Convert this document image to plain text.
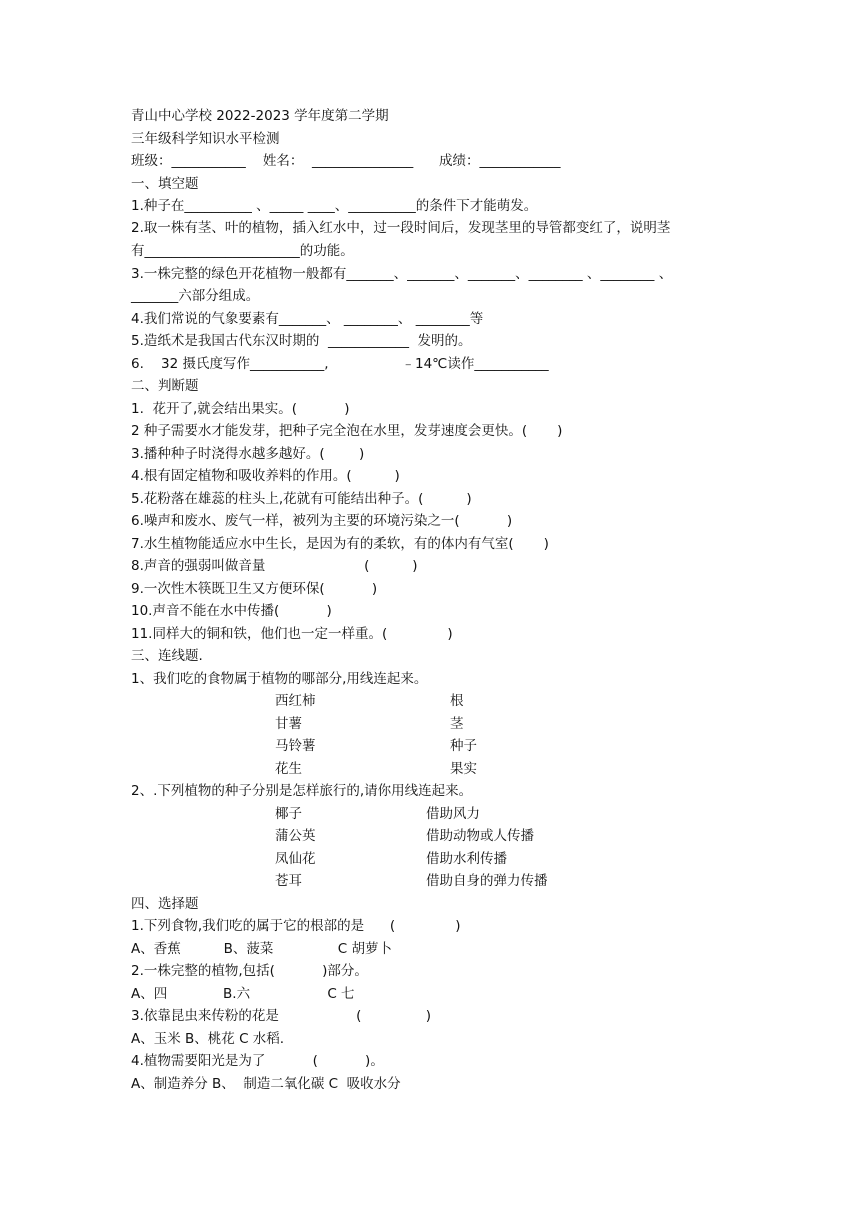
青山中心学校 2022-2023 学年度第二学期
三年级科学知识水平检测
班级：___________    姓名：  _______________      成绩：____________
一、填空题
1.种子在__________ 、_____ ____、__________的条件下才能萌发。
2.取一株有茎、叶的植物，插入红水中，过一段时间后，发现茎里的导管都变红了，说明茎
有_______________________的功能。
3.一株完整的绿色开花植物一般都有_______、_______、_______、________ 、________ 、
_______六部分组成。
4.我们常说的气象要素有_______、 ________、 ________等
5.造纸术是我国古代东汉时期的  ____________  发明的。
6.    32 摄氏度写作___________,                 ﹣14℃读作___________
二、判断题
1.  花开了,就会结出果实。(           )
2 种子需要水才能发芽，把种子完全泡在水里，发芽速度会更快。(       )
3.播种种子时浇得水越多越好。(        )
4.根有固定植物和吸收养料的作用。(          )
5.花粉落在雄蕊的柱头上,花就有可能结出种子。(          )
6.噪声和废水、废气一样，被列为主要的环境污染之一(           )
7.水生植物能适应水中生长，是因为有的柔软，有的体内有气室(       )
8.声音的强弱叫做音量                       (          )
9.一次性木筷既卫生又方便环保(           )
10.声音不能在水中传播(           )
11.同样大的铜和铁，他们也一定一样重。(              )
三、连线题.
1、我们吃的食物属于植物的哪部分,用线连起来。
西红柿	根
甘薯	茎
马铃薯	种子
花生	果实
2、.下列植物的种子分别是怎样旅行的,请你用线连起来。
椰子	借助风力
蒲公英	借助动物或人传播
凤仙花	借助水利传播
苍耳	借助自身的弹力传播
四、选择题
1.下列食物,我们吃的属于它的根部的是      (              )
A、香蕉          B、菠菜               C 胡萝卜
2.一株完整的植物,包括(           )部分。
A、四             B.六                  C 七
3.依靠昆虫来传粉的花是                  (               )
A、玉米 B、桃花 C 水稻.
4.植物需要阳光是为了           (           )。
A、制造养分 B、  制造二氧化碳 C  吸收水分
